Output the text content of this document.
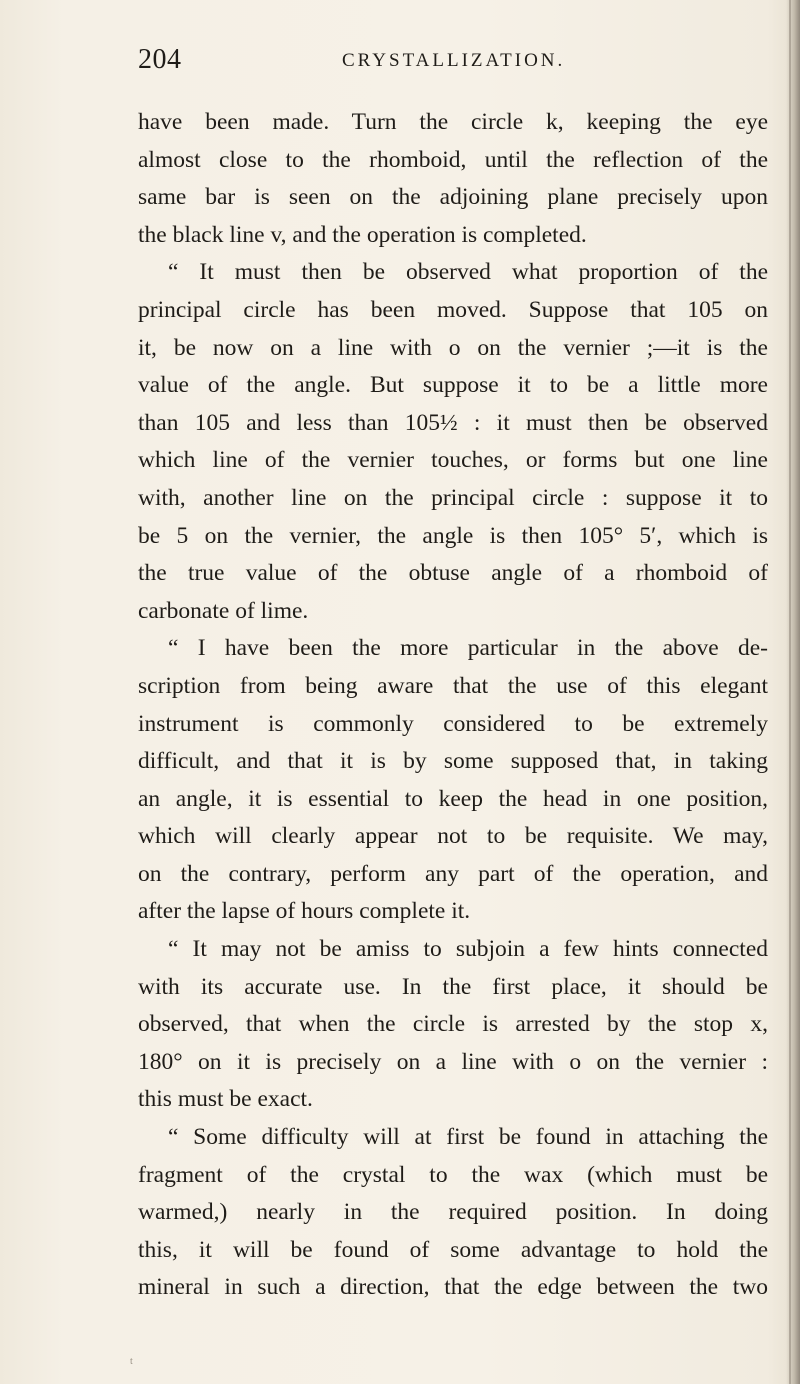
204	CRYSTALLIZATION.
have been made. Turn the circle k, keeping the eye
almost close to the rhomboid, until the reflection of the
same bar is seen on the adjoining plane precisely upon
the black line v, and the operation is completed.
“ It must then be observed what proportion of the
principal circle has been moved. Suppose that 105 on
it, be now on a line with o on the vernier ;—it is the
value of the angle. But suppose it to be a little more
than 105 and less than 105½ : it must then be observed
which line of the vernier touches, or forms but one line
with, another line on the principal circle : suppose it to
be 5 on the vernier, the angle is then 105° 5′, which is
the true value of the obtuse angle of a rhomboid of
carbonate of lime.
“ I have been the more particular in the above de-
scription from being aware that the use of this elegant
instrument is commonly considered to be extremely
difficult, and that it is by some supposed that, in taking
an angle, it is essential to keep the head in one position,
which will clearly appear not to be requisite. We may,
on the contrary, perform any part of the operation, and
after the lapse of hours complete it.
“ It may not be amiss to subjoin a few hints connected
with its accurate use. In the first place, it should be
observed, that when the circle is arrested by the stop x,
180° on it is precisely on a line with o on the vernier :
this must be exact.
“ Some difficulty will at first be found in attaching the
fragment of the crystal to the wax (which must be
warmed,) nearly in the required position. In doing
this, it will be found of some advantage to hold the
mineral in such a direction, that the edge between the two
t
